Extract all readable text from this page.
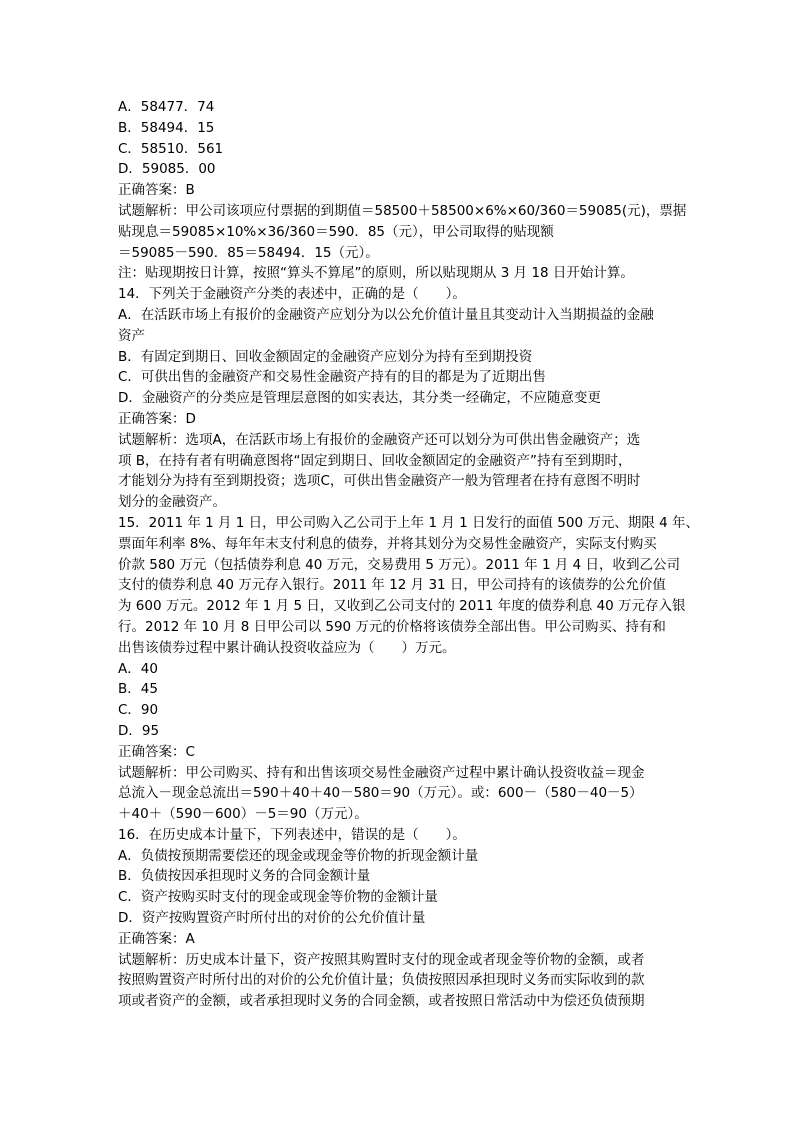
A．58477．74
B．58494．15
C．58510．561
D．59085．00
正确答案：B
试题解析：甲公司该项应付票据的到期值＝58500＋58500×6%×60/360＝59085(元)，票据
贴现息＝59085×10%×36/360＝590．85（元），甲公司取得的贴现额
＝59085－590．85＝58494．15（元）。
注：贴现期按日计算，按照“算头不算尾”的原则，所以贴现期从 3 月 18 日开始计算。
14．下列关于金融资产分类的表述中，正确的是（　　）。
A．在活跃市场上有报价的金融资产应划分为以公允价值计量且其变动计入当期损益的金融
资产
B．有固定到期日、回收金额固定的金融资产应划分为持有至到期投资
C．可供出售的金融资产和交易性金融资产持有的目的都是为了近期出售
D．金融资产的分类应是管理层意图的如实表达，其分类一经确定，不应随意变更
正确答案：D
试题解析：选项A，在活跃市场上有报价的金融资产还可以划分为可供出售金融资产；选
项 B，在持有者有明确意图将“固定到期日、回收金额固定的金融资产”持有至到期时，
才能划分为持有至到期投资；选项C，可供出售金融资产一般为管理者在持有意图不明时
划分的金融资产。
15．2011 年 1 月 1 日，甲公司购入乙公司于上年 1 月 1 日发行的面值 500 万元、期限 4 年、
票面年利率 8%、每年年末支付利息的债券，并将其划分为交易性金融资产，实际支付购买
价款 580 万元（包括债券利息 40 万元，交易费用 5 万元）。2011 年 1 月 4 日，收到乙公司
支付的债券利息 40 万元存入银行。2011 年 12 月 31 日，甲公司持有的该债券的公允价值
为 600 万元。2012 年 1 月 5 日，又收到乙公司支付的 2011 年度的债券利息 40 万元存入银
行。2012 年 10 月 8 日甲公司以 590 万元的价格将该债券全部出售。甲公司购买、持有和
出售该债券过程中累计确认投资收益应为（　　）万元。
A．40
B．45
C．90
D．95
正确答案：C
试题解析：甲公司购买、持有和出售该项交易性金融资产过程中累计确认投资收益＝现金
总流入－现金总流出＝590＋40＋40－580＝90（万元）。或：600－（580－40－5）
＋40＋（590－600）－5＝90（万元）。
16．在历史成本计量下，下列表述中，错误的是（　　）。
A．负债按预期需要偿还的现金或现金等价物的折现金额计量
B．负债按因承担现时义务的合同金额计量
C．资产按购买时支付的现金或现金等价物的金额计量
D．资产按购置资产时所付出的对价的公允价值计量
正确答案：A
试题解析：历史成本计量下，资产按照其购置时支付的现金或者现金等价物的金额，或者
按照购置资产时所付出的对价的公允价值计量；负债按照因承担现时义务而实际收到的款
项或者资产的金额，或者承担现时义务的合同金额，或者按照日常活动中为偿还负债预期
